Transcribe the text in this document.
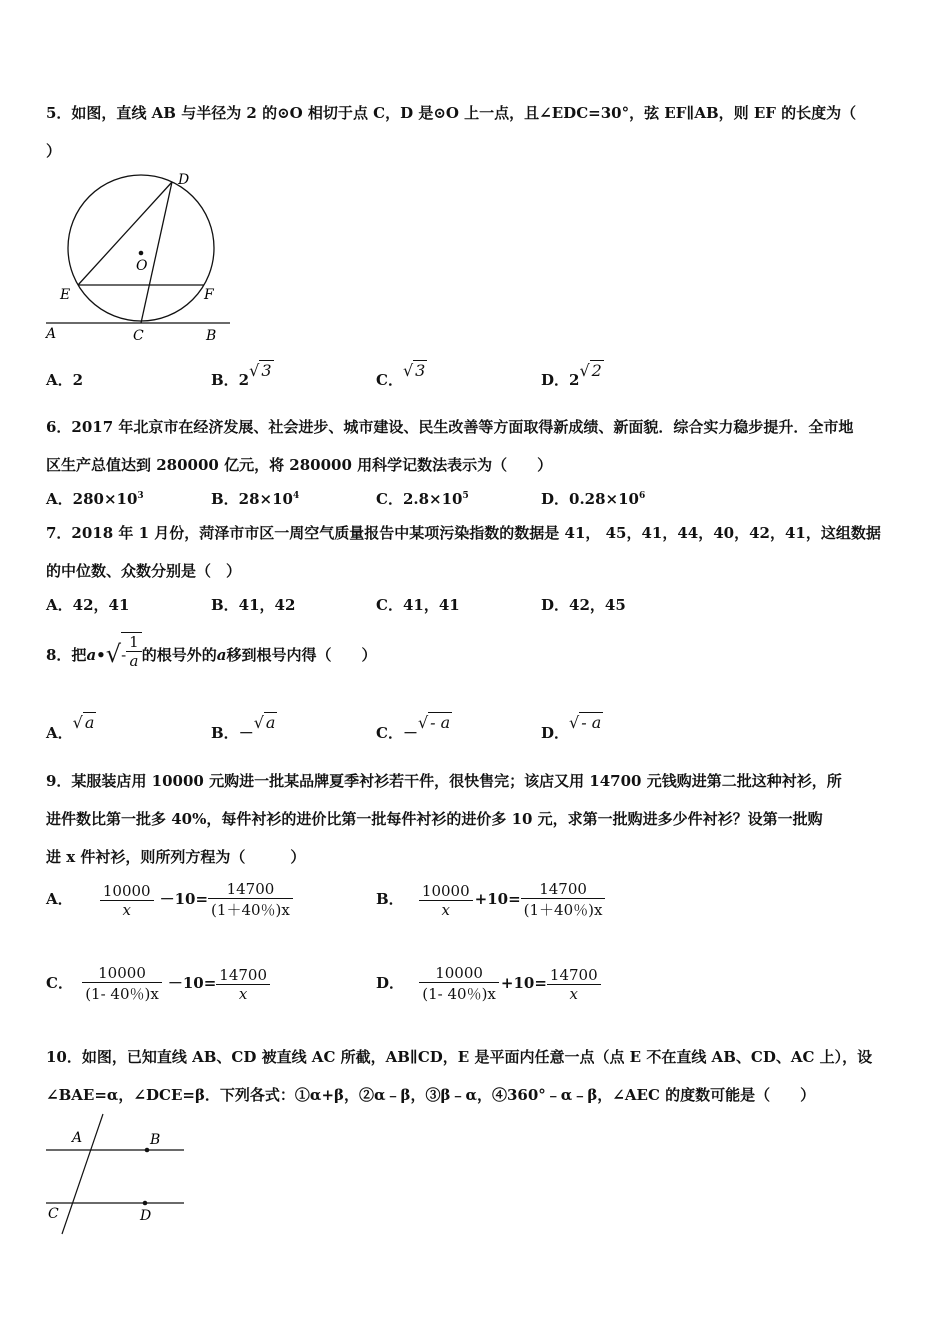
5．如图，直线 AB 与半径为 2 的⊙O 相切于点 C，D 是⊙O 上一点，且∠EDC=30°，弦 EF∥AB，则 EF 的长度为（
）
D
O
E	F
A	C	B
A．2	B．2√ 3	C．√ 3	D．2√ 2
6．2017 年北京市在经济发展、社会进步、城市建设、民生改善等方面取得新成绩、新面貌．综合实力稳步提升．全市地
区生产总值达到 280000 亿元，将 280000 用科学记数法表示为（　　）
A．$280\times 10^3$	B．$28\times 10^4$	C．$2.8\times 10^5$	D．$0.28\times 10^6$
7．2018 年 1 月份，菏泽市市区一周空气质量报告中某项污染指数的数据是 41， 45，41，44，40，42，41，这组数据
的中位数、众数分别是（　）
A．42，41	B．41，42	C．41，41	D．42，45
8．把a•√- $\frac{1}{a}$ 的根号外的a移到根号内得（　　）
A．√ a
B．－√ a
C．－√ - a
D．√ - a
9．某服装店用 10000 元购进一批某品牌夏季衬衫若干件，很快售完；该店又用 14700 元钱购进第二批这种衬衫，所
进件数比第一批多 40%，每件衬衫的进价比第一批每件衬衫的进价多 10 元，求第一批购进多少件衬衫？设第一批购
进 x 件衬衫，则所列方程为（　　　）
A． $\frac{10000}{x} -10= \frac{14700}{(1+40\%)x}$	B． $\frac{10000}{x} +10= \frac{14700}{(1+40\%)x}$
C． $\frac{10000}{(1- 40\%)x} -10= \frac{14700}{x}$	D． $\frac{10000}{(1- 40\%)x} +10= \frac{14700}{x}$
10．如图，已知直线 AB、CD 被直线 AC 所截，AB∥CD，E 是平面内任意一点（点 E 不在直线 AB、CD、AC 上），设
∠BAE=α，∠DCE=β．下列各式：①α+β，②α﹣β，③β﹣α，④360°﹣α﹣β，∠AEC 的度数可能是（　　）
A	B
C	D
